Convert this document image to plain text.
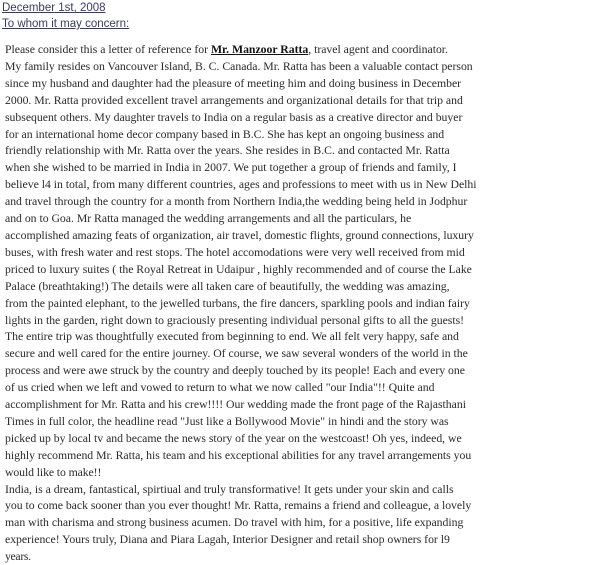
December 1st, 2008
To whom it may concern:
Please consider this a letter of reference for Mr. Manzoor Ratta, travel agent and coordinator.
My family resides on Vancouver Island, B. C. Canada. Mr. Ratta has been a valuable contact person
since my husband and daughter had the pleasure of meeting him and doing business in December
2000. Mr. Ratta provided excellent travel arrangements and organizational details for that trip and
subsequent others. My daughter travels to India on a regular basis as a creative director and buyer
for an international home decor company based in B.C. She has kept an ongoing business and
friendly relationship with Mr. Ratta over the years. She resides in B.C. and contacted Mr. Ratta
when she wished to be married in India in 2007. We put together a group of friends and family, I
believe l4 in total, from many different countries, ages and professions to meet with us in New Delhi
and travel through the country for a month from Northern India,the wedding being held in Jodphur
and on to Goa. Mr Ratta managed the wedding arrangements and all the particulars, he
accomplished amazing feats of organization, air travel, domestic flights, ground connections, luxury
buses, with fresh water and rest stops. The hotel accomodations were very well received from mid
priced to luxury suites ( the Royal Retreat in Udaipur , highly recommended and of course the Lake
Palace (breathtaking!) The details were all taken care of beautifully, the wedding was amazing,
from the painted elephant, to the jewelled turbans, the fire dancers, sparkling pools and indian fairy
lights in the garden, right down to graciously presenting individual personal gifts to all the guests!
The entire trip was thoughtfully executed from beginning to end. We all felt very happy, safe and
secure and well cared for the entire journey. Of course, we saw several wonders of the world in the
process and were awe struck by the country and deeply touched by its people! Each and every one
of us cried when we left and vowed to return to what we now called "our India"!! Quite and
accomplishment for Mr. Ratta and his crew!!!! Our wedding made the front page of the Rajasthani
Times in full color, the headline read "Just like a Bollywood Movie" in hindi and the story was
picked up by local tv and became the news story of the year on the westcoast! Oh yes, indeed, we
highly recommend Mr. Ratta, his team and his exceptional abilities for any travel arrangements you
would like to make!!
India, is a dream, fantastical, spirtiual and truly transformative! It gets under your skin and calls
you to come back sooner than you ever thought! Mr. Ratta, remains a friend and colleague, a lovely
man with charisma and strong business acumen. Do travel with him, for a positive, life expanding
experience! Yours truly, Diana and Piara Lagah, Interior Designer and retail shop owners for l9
years.
